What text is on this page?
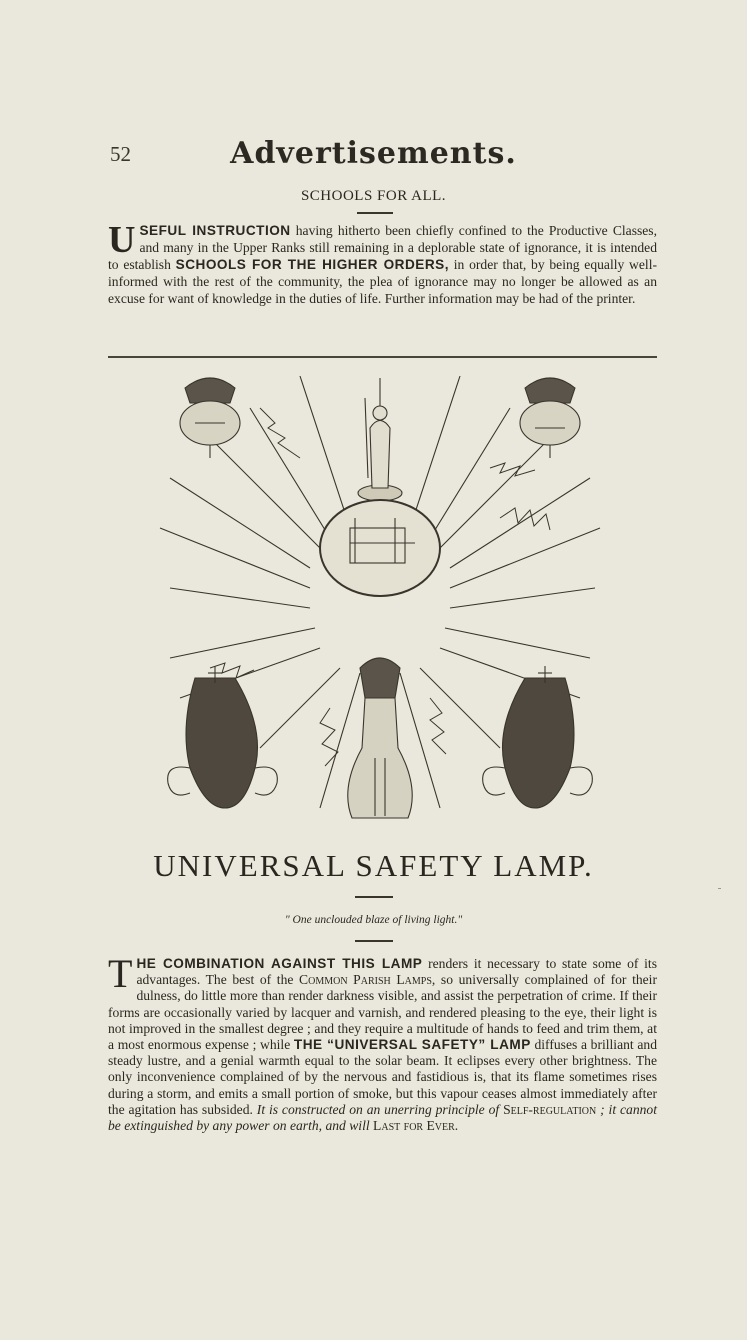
52	Advertisements.
SCHOOLS FOR ALL.
USEFUL INSTRUCTION having hitherto been chiefly confined to the Productive Classes, and many in the Upper Ranks still remaining in a deplorable state of ignorance, it is intended to establish SCHOOLS FOR THE HIGHER ORDERS, in order that, by being equally well-informed with the rest of the community, the plea of ignorance may no longer be allowed as an excuse for want of knowledge in the duties of life. Further information may be had of the printer.
UNIVERSAL SAFETY LAMP.
" One unclouded blaze of living light."
THE COMBINATION AGAINST THIS LAMP renders it necessary to state some of its advantages. The best of the Common Parish Lamps, so universally complained of for their dulness, do little more than render darkness visible, and assist the perpetration of crime. If their forms are occasionally varied by lacquer and varnish, and rendered pleasing to the eye, their light is not improved in the smallest degree ; and they require a multitude of hands to feed and trim them, at a most enormous expense ; while THE “UNIVERSAL SAFETY” LAMP diffuses a brilliant and steady lustre, and a genial warmth equal to the solar beam. It eclipses every other brightness. The only inconvenience complained of by the nervous and fastidious is, that its flame sometimes rises during a storm, and emits a small portion of smoke, but this vapour ceases almost immediately after the agitation has subsided. It is constructed on an unerring principle of Self-regulation ; it cannot be extinguished by any power on earth, and will Last for Ever.
